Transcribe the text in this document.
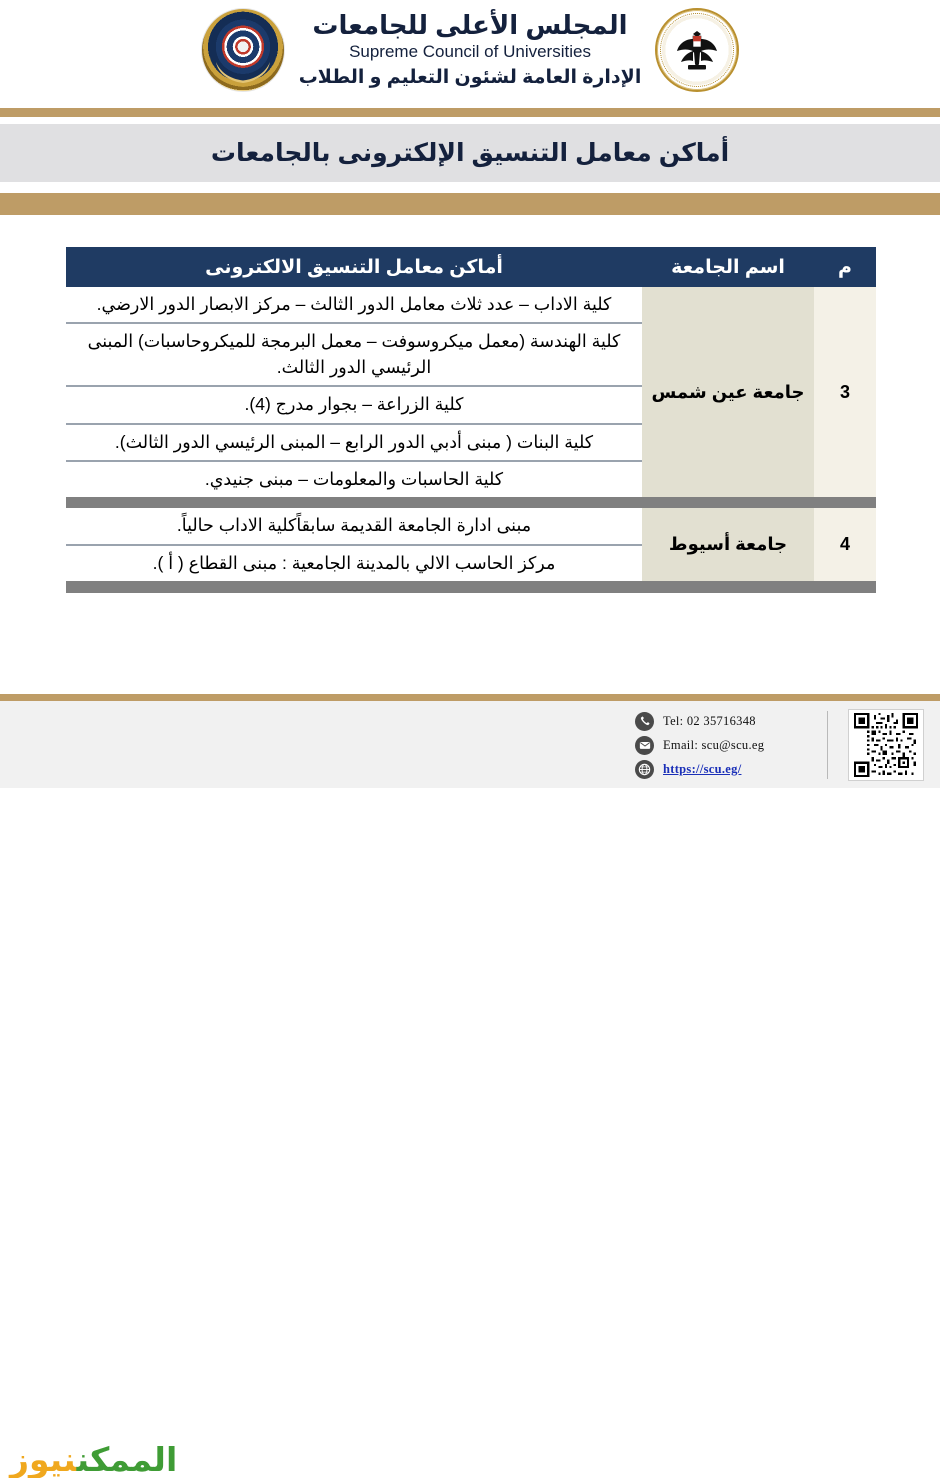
المجلس الأعلى للجامعات
Supreme Council of Universities
الإدارة العامة لشئون التعليم و الطلاب
أماكن معامل التنسيق الإلكترونى بالجامعات
م	اسم الجامعة	أماكن معامل التنسيق الالكترونى
3	جامعة عين شمس	كلية الاداب – عدد ثلاث معامل الدور الثالث – مركز الابصار الدور الارضي.
		كلية الهندسة (معمل ميكروسوفت – معمل البرمجة للميكروحاسبات) المبنى الرئيسي الدور الثالث.
		كلية الزراعة – بجوار مدرج (4).
		كلية البنات ( مبنى أدبي الدور الرابع – المبنى الرئيسي الدور الثالث).
		كلية الحاسبات والمعلومات – مبنى جنيدي.

4	جامعة أسيوط	مبنى ادارة الجامعة القديمة سابقاًكلية الاداب حالياً.
		مركز الحاسب الالي بالمدينة الجامعية : مبنى القطاع ( أ ).

Tel: 02 35716348
Email: scu@scu.eg
https://scu.eg/
الممكننيوز
